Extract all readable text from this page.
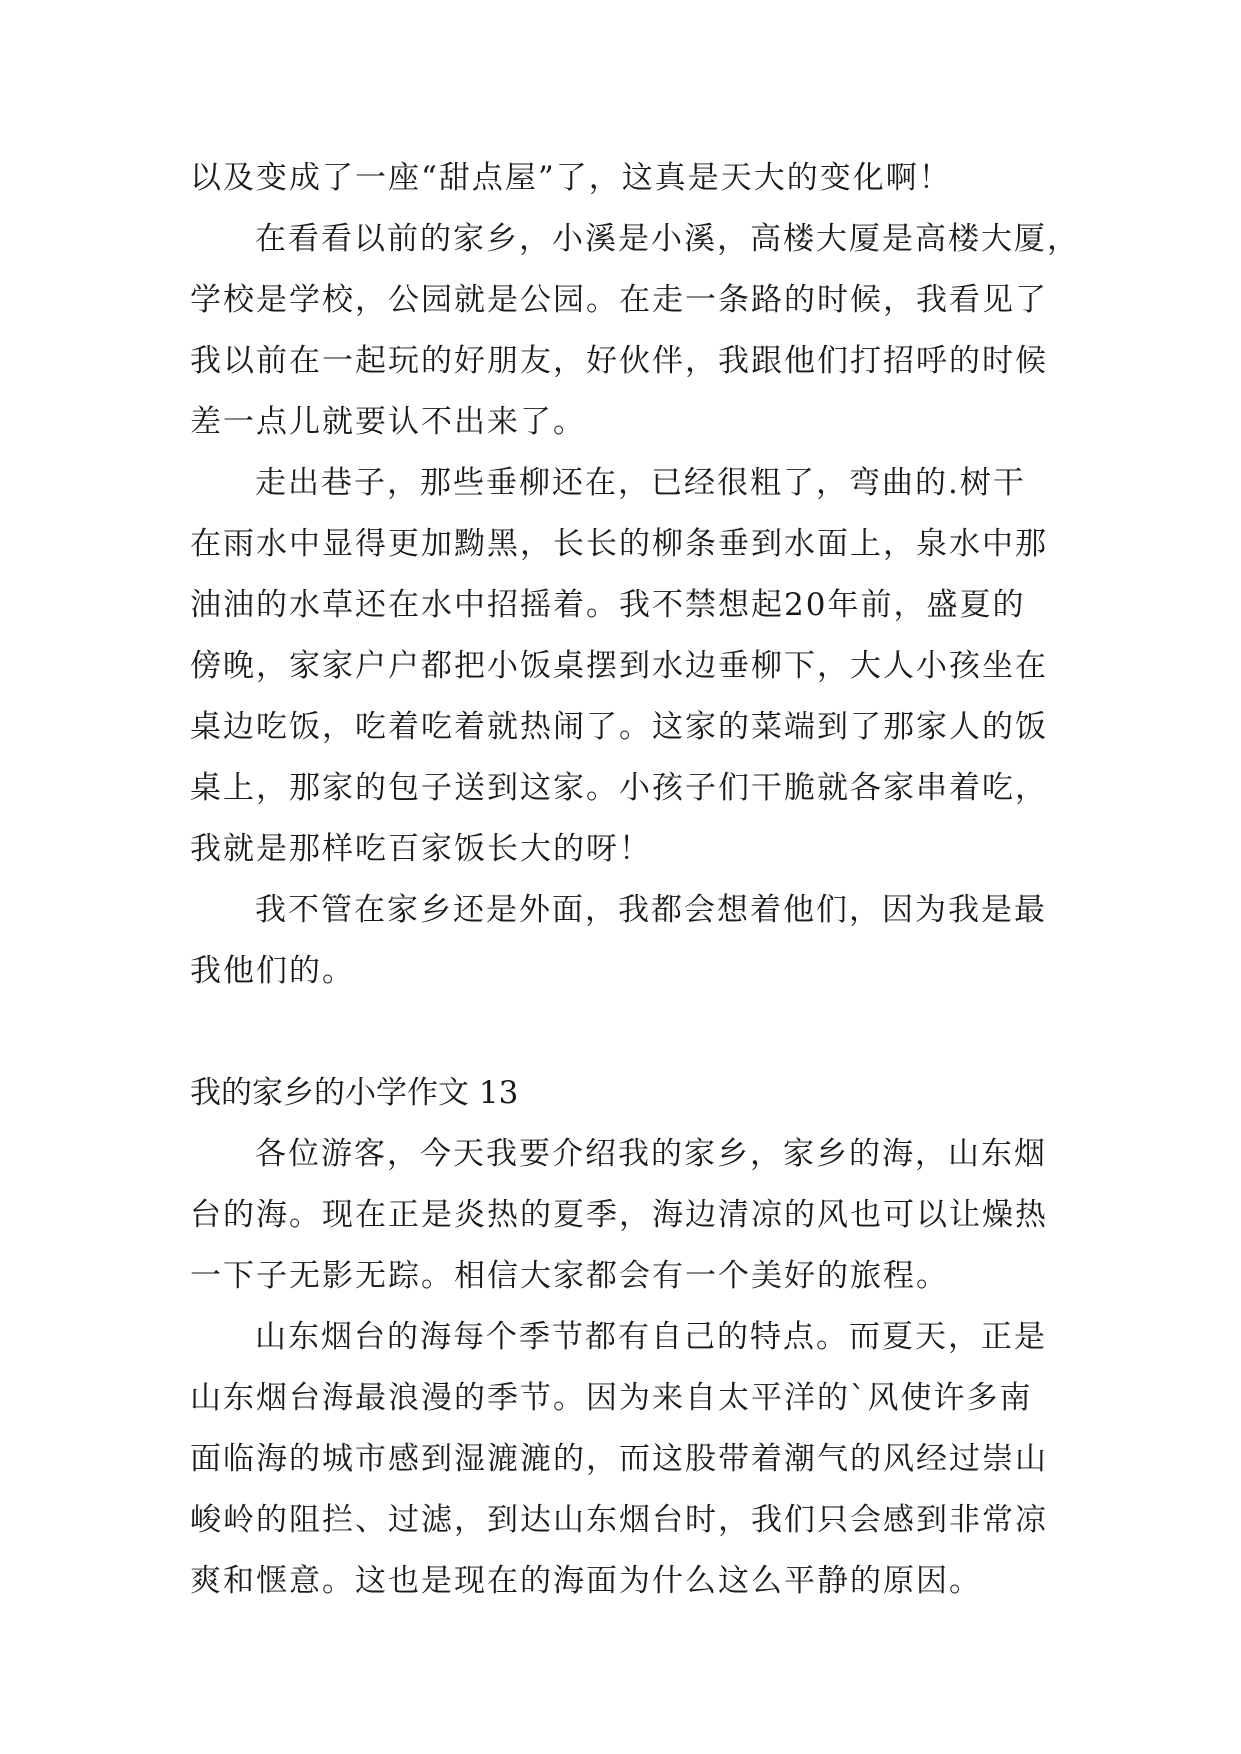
以及变成了一座“甜点屋”了，这真是天大的变化啊！
在看看以前的家乡，小溪是小溪，高楼大厦是高楼大厦，
学校是学校，公园就是公园。在走一条路的时候，我看见了
我以前在一起玩的好朋友，好伙伴，我跟他们打招呼的时候
差一点儿就要认不出来了。
走出巷子，那些垂柳还在，已经很粗了，弯曲的.树干
在雨水中显得更加黝黑，长长的柳条垂到水面上，泉水中那
油油的水草还在水中招摇着。我不禁想起20年前，盛夏的
傍晚，家家户户都把小饭桌摆到水边垂柳下，大人小孩坐在
桌边吃饭，吃着吃着就热闹了。这家的菜端到了那家人的饭
桌上，那家的包子送到这家。小孩子们干脆就各家串着吃，
我就是那样吃百家饭长大的呀！
我不管在家乡还是外面，我都会想着他们，因为我是最
我他们的。
我的家乡的小学作文 13
各位游客，今天我要介绍我的家乡，家乡的海，山东烟
台的海。现在正是炎热的夏季，海边清凉的风也可以让燥热
一下子无影无踪。相信大家都会有一个美好的旅程。
山东烟台的海每个季节都有自己的特点。而夏天，正是
山东烟台海最浪漫的季节。因为来自太平洋的`风使许多南
面临海的城市感到湿漉漉的，而这股带着潮气的风经过崇山
峻岭的阻拦、过滤，到达山东烟台时，我们只会感到非常凉
爽和惬意。这也是现在的海面为什么这么平静的原因。
